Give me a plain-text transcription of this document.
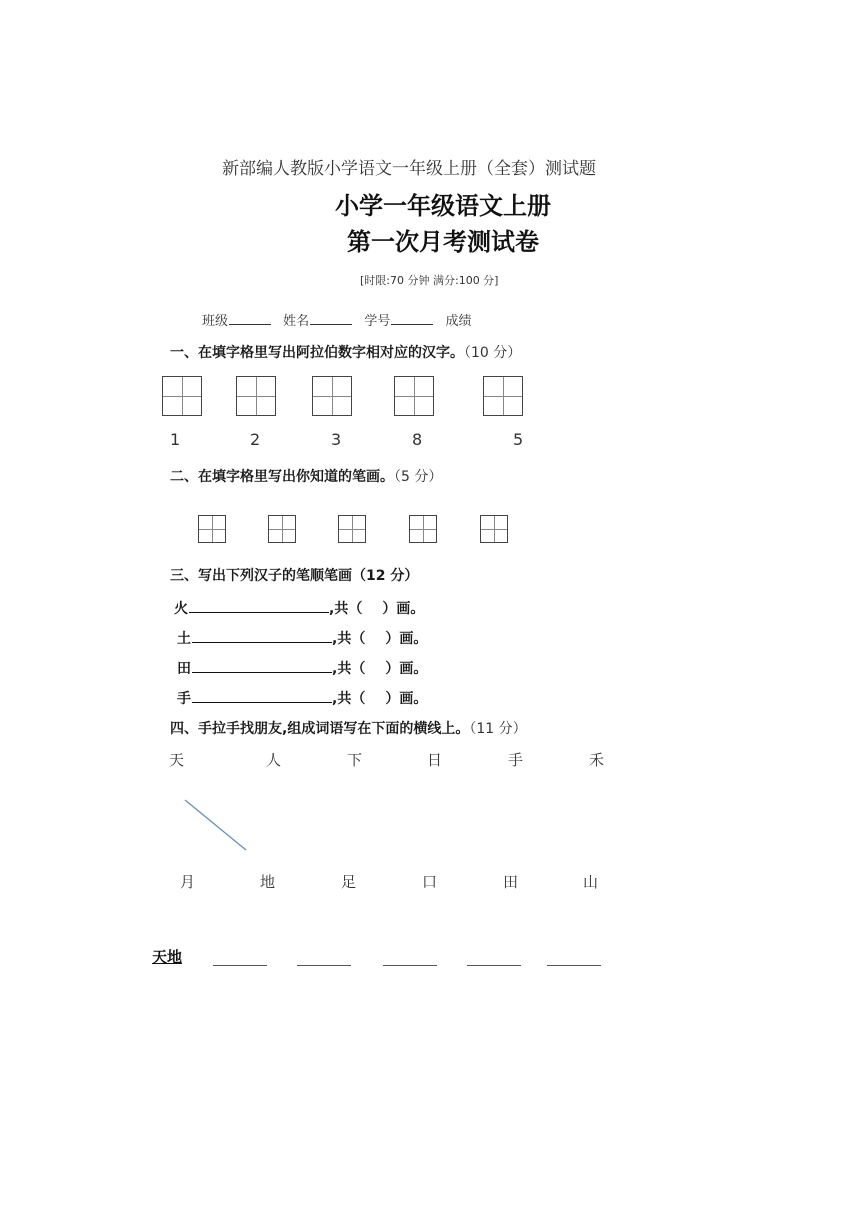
新部编人教版小学语文一年级上册（全套）测试题
小学一年级语文上册
第一次月考测试卷
[时限:70 分钟 满分:100 分]
班级	姓名	学号	成绩
一、在填字格里写出阿拉伯数字相对应的汉字。（10 分）
1	2	3	8	5
二、在填字格里写出你知道的笔画。（5 分）
三、写出下列汉子的笔顺笔画（12 分）
火	,共（ ）画。
土	,共（ ）画。
田	,共（ ）画。
手	,共（ ）画。
四、手拉手找朋友,组成词语写在下面的横线上。（11 分）
天	人	下	日	手	禾
月	地	足	口	田	山
天地
